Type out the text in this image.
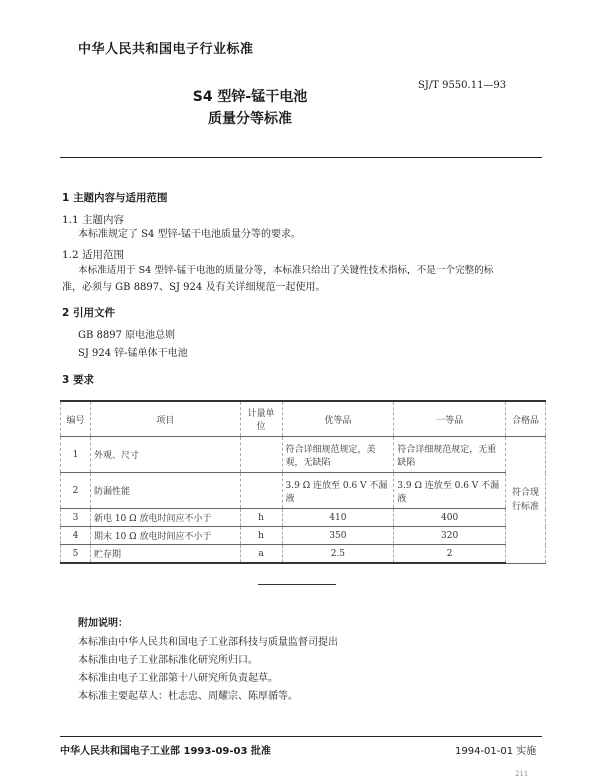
中华人民共和国电子行业标准
SJ/T 9550.11—93
S4 型锌-锰干电池
质量分等标准
1 主题内容与适用范围
1.1 主题内容
本标准规定了 S4 型锌-锰干电池质量分等的要求。
1.2 适用范围
本标准适用于 S4 型锌-锰干电池的质量分等，本标准只给出了关键性技术指标，不是一个完整的标
准，必须与 GB 8897、SJ 924 及有关详细规范一起使用。
2 引用文件
GB 8897 原电池总则
SJ 924 锌-锰单体干电池
3 要求
编号	项目	计量单位	优等品	一等品	合格品
1	外观、尺寸		符合详细规范规定，美观，无缺陷	符合详细规范规定，无重缺陷	符合现行标准
2	防漏性能		3.9 Ω 连放至 0.6 V 不漏液	3.9 Ω 连放至 0.6 V 不漏液	
3	新电 10 Ω 放电时间应不小于	h	410	400	
4	期末 10 Ω 放电时间应不小于	h	350	320	
5	贮存期	a	2.5	2	
附加说明：
本标准由中华人民共和国电子工业部科技与质量监督司提出
本标准由电子工业部标准化研究所归口。
本标准由电子工业部第十八研究所负责起草。
本标准主要起草人：杜志忠、周耀宗、陈厚循等。
中华人民共和国电子工业部 1993-09-03 批准	1994-01-01 实施
211
